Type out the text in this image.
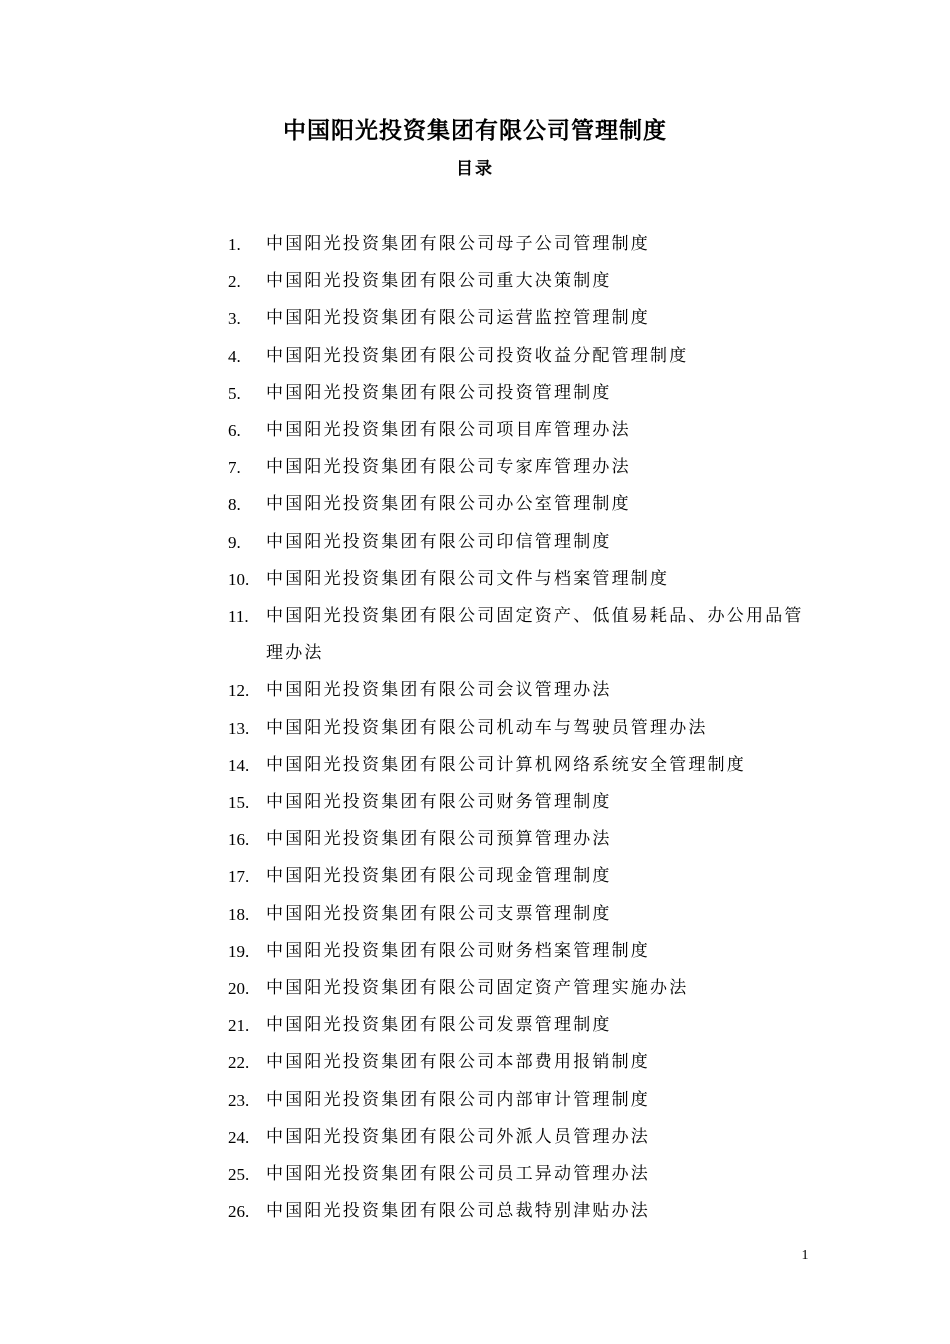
中国阳光投资集团有限公司管理制度
目录
1.	中国阳光投资集团有限公司母子公司管理制度
2.	中国阳光投资集团有限公司重大决策制度
3.	中国阳光投资集团有限公司运营监控管理制度
4.	中国阳光投资集团有限公司投资收益分配管理制度
5.	中国阳光投资集团有限公司投资管理制度
6.	中国阳光投资集团有限公司项目库管理办法
7.	中国阳光投资集团有限公司专家库管理办法
8.	中国阳光投资集团有限公司办公室管理制度
9.	中国阳光投资集团有限公司印信管理制度
10. 中国阳光投资集团有限公司文件与档案管理制度
11.	中国阳光投资集团有限公司固定资产、低值易耗品、办公用品管理办法
12. 中国阳光投资集团有限公司会议管理办法
13. 中国阳光投资集团有限公司机动车与驾驶员管理办法
14. 中国阳光投资集团有限公司计算机网络系统安全管理制度
15. 中国阳光投资集团有限公司财务管理制度
16. 中国阳光投资集团有限公司预算管理办法
17. 中国阳光投资集团有限公司现金管理制度
18. 中国阳光投资集团有限公司支票管理制度
19. 中国阳光投资集团有限公司财务档案管理制度
20. 中国阳光投资集团有限公司固定资产管理实施办法
21. 中国阳光投资集团有限公司发票管理制度
22. 中国阳光投资集团有限公司本部费用报销制度
23. 中国阳光投资集团有限公司内部审计管理制度
24. 中国阳光投资集团有限公司外派人员管理办法
25. 中国阳光投资集团有限公司员工异动管理办法
26. 中国阳光投资集团有限公司总裁特别津贴办法
1
